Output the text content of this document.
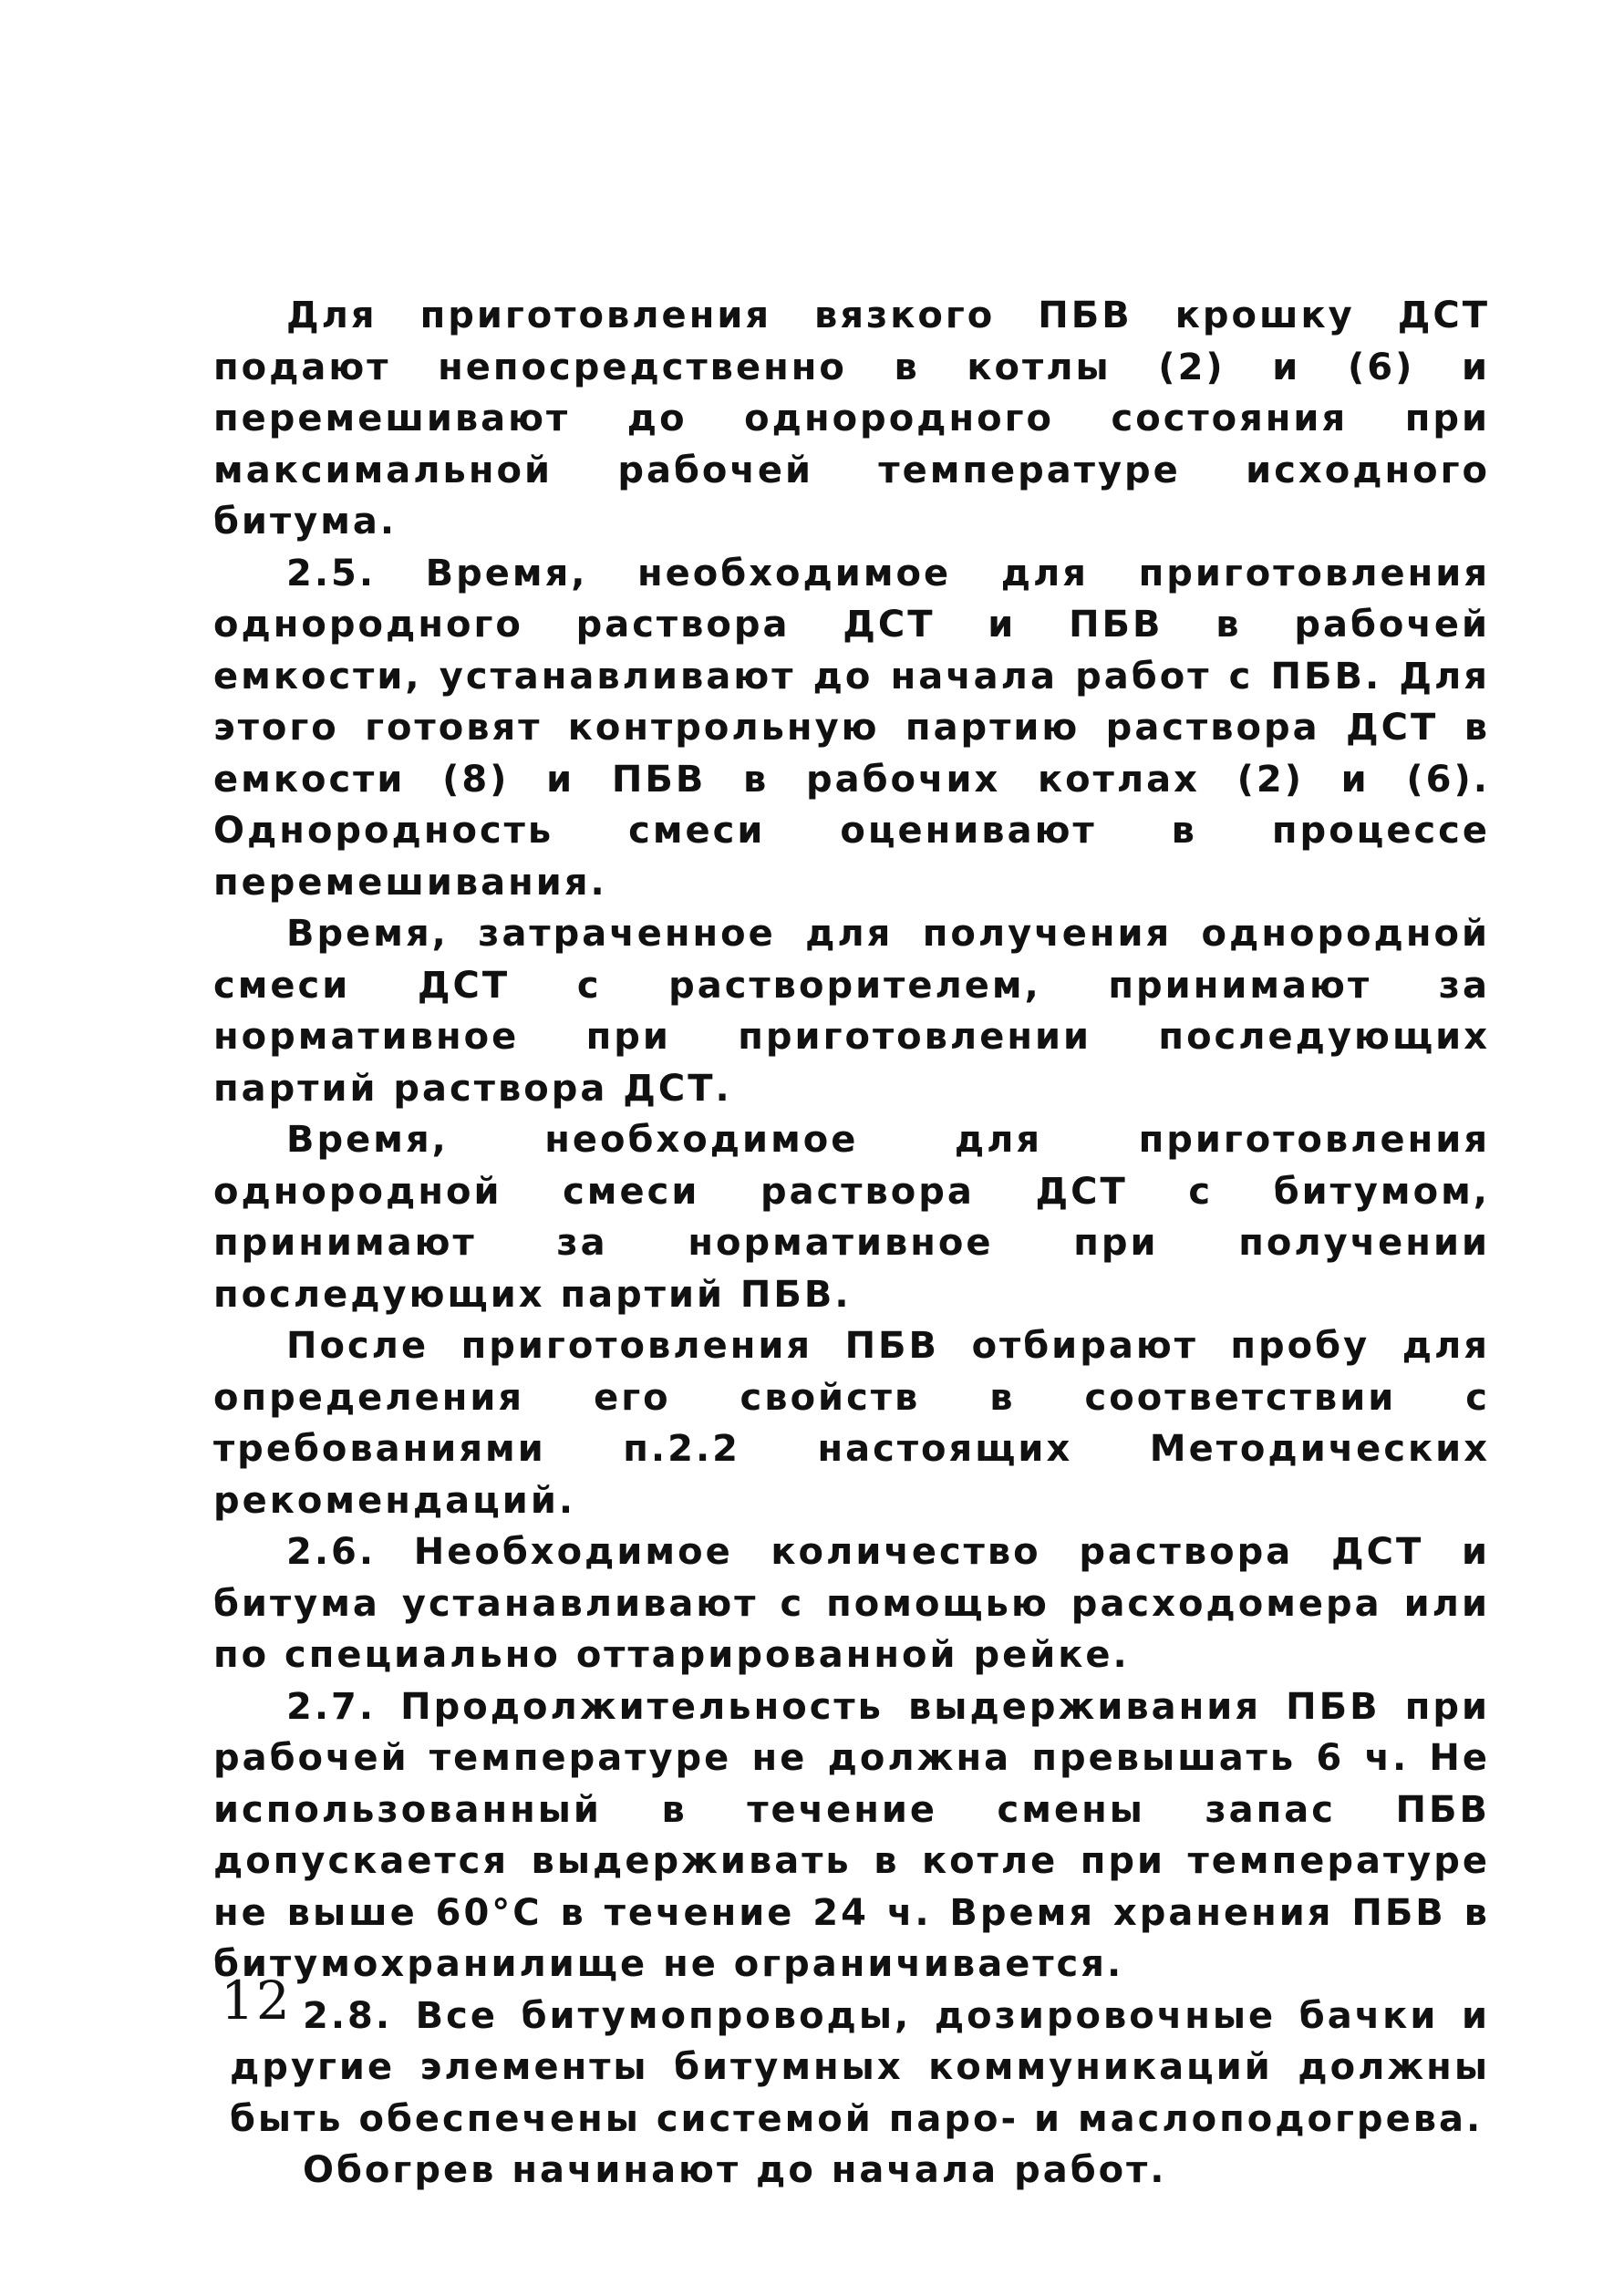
Для приготовления вязкого ПБВ крошку ДСТ подают непосредственно в котлы (2) и (6) и перемешивают до однородного состояния при максимальной рабочей температуре исходного битума.

2.5. Время, необходимое для приготовления однородного раствора ДСТ и ПБВ в рабочей емкости, устанавливают до начала работ с ПБВ. Для этого готовят контрольную партию раствора ДСТ в емкости (8) и ПБВ в рабочих котлах (2) и (6). Однородность смеси оценивают в процессе перемешивания.

Время, затраченное для получения однородной смеси ДСТ с растворителем, принимают за нормативное при приготовлении последующих партий раствора ДСТ.

Время, необходимое для приготовления однородной смеси раствора ДСТ с битумом, принимают за нормативное при получении последующих партий ПБВ.

После приготовления ПБВ отбирают пробу для определения его свойств в соответствии с требованиями п.2.2 настоящих Методических рекомендаций.

2.6. Необходимое количество раствора ДСТ и битума устанавливают с помощью расходомера или по специально оттарированной рейке.

2.7. Продолжительность выдерживания ПБВ при рабочей температуре не должна превышать 6 ч. Не использованный в течение смены запас ПБВ допускается выдерживать в котле при температуре не выше 60°С в течение 24 ч. Время хранения ПБВ в битумохранилище не ограничивается.

2.8. Все битумопроводы, дозировочные бачки и другие элементы битумных коммуникаций должны быть обеспечены системой паро- и маслоподогрева.

Обогрев начинают до начала работ.

12
